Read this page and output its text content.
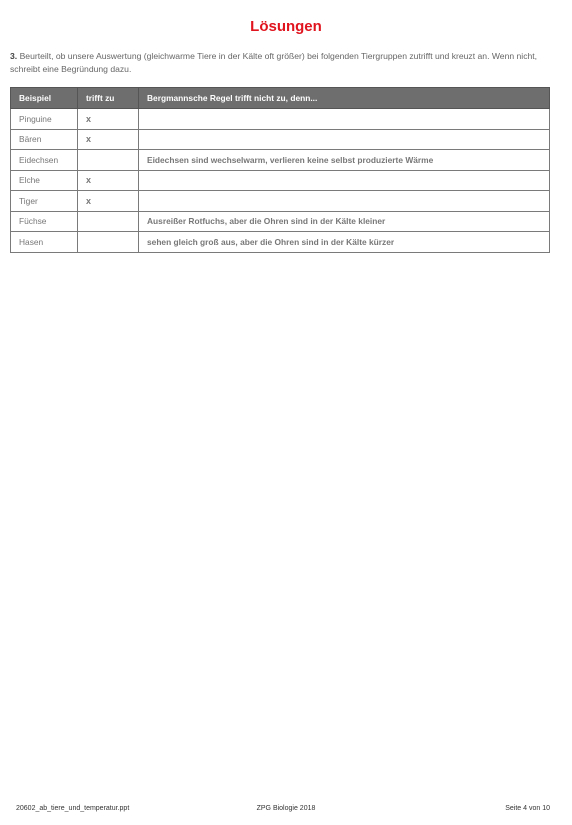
Lösungen
3. Beurteilt, ob unsere Auswertung (gleichwarme Tiere in der Kälte oft größer) bei folgenden Tiergruppen zutrifft und kreuzt an. Wenn nicht, schreibt eine Begründung dazu.
Beispiel	trifft zu	Bergmannsche Regel trifft nicht zu, denn...
Pinguine	x	
Bären	x	
Eidechsen		Eidechsen sind wechselwarm, verlieren keine selbst produzierte Wärme
Elche	x	
Tiger	x	
Füchse		Ausreißer Rotfuchs, aber die Ohren sind in der Kälte kleiner
Hasen		sehen gleich groß aus, aber die Ohren sind in der Kälte kürzer
20602_ab_tiere_und_temperatur.ppt	ZPG Biologie 2018	Seite 4 von 10
